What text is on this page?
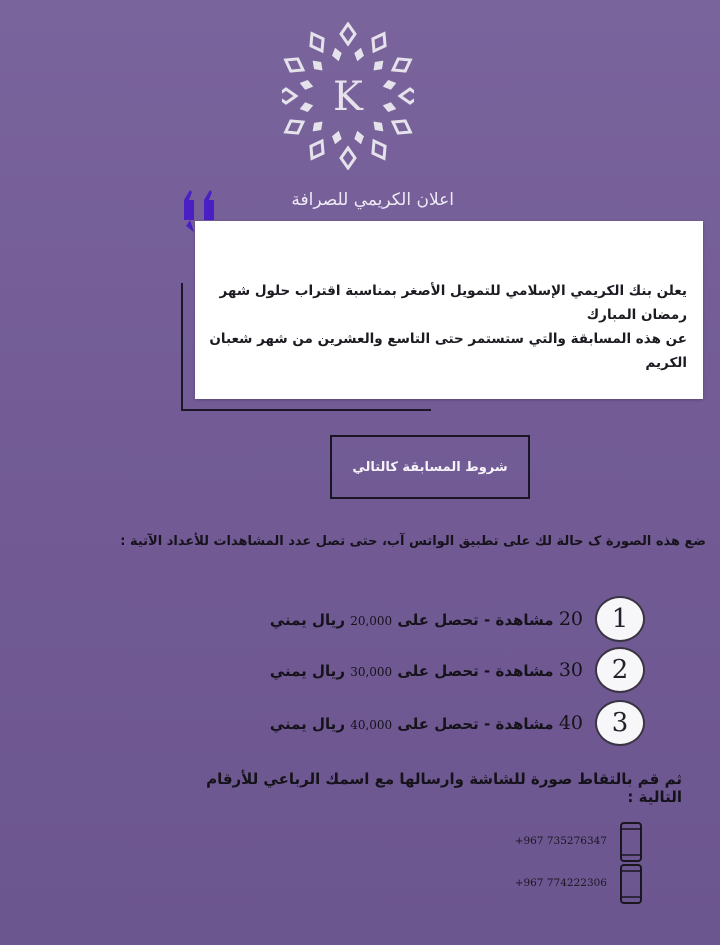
K
اعلان الكريمي للصرافة
يعلن بنك الكريمي الإسلامي للتمويل الأصغر بمناسبة اقتراب حلول شهر رمضان المبارك
عن هذه المسابقة والتي ستستمر حتى التاسع والعشرين من شهر شعبان الكريم
شروط المسابقة كالتالي
ضع هذه الصورة ک حالة لك على تطبيق الواتس آب، حتى تصل عدد المشاهدات للأعداد الآتية :
1
20 مشاهدة - تحصل على 20,000 ريال يمني
2
30 مشاهدة - تحصل على 30,000 ريال يمني
3
40 مشاهدة - تحصل على 40,000 ريال يمني
ثم قم بالتقاط صورة للشاشة وارسالها مع اسمك الرباعي للأرقام التالية :
+967 735276347
+967 774222306
